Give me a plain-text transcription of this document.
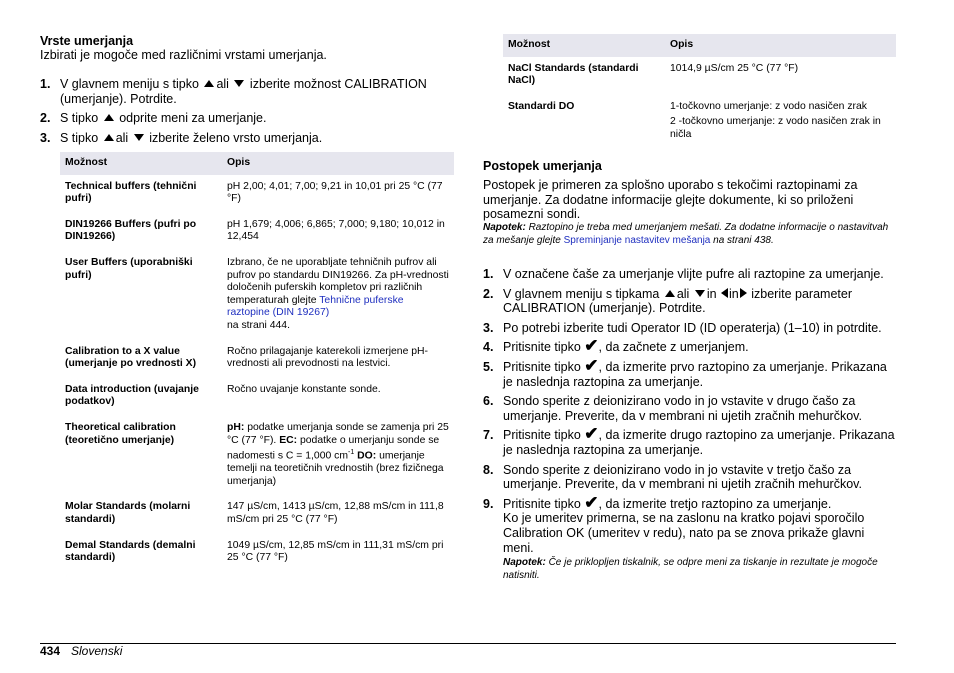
Vrste umerjanja

Izbirati je mogoče med različnimi vrstami umerjanja.

1. V glavnem meniju s tipko ali izberite možnost CALIBRATION (umerjanje). Potrdite.
2. S tipko odprite meni za umerjanje.
3. S tipko ali izberite želeno vrsto umerjanja.
Možnost	Opis
Technical buffers (tehnični pufri)	pH 2,00; 4,01; 7,00; 9,21 in 10,01 pri 25 °C (77 °F)
DIN19266 Buffers (pufri po DIN19266)	pH 1,679; 4,006; 6,865; 7,000; 9,180; 10,012 in 12,454
User Buffers (uporabniški pufri)	Izbrano, če ne uporabljate tehničnih pufrov ali pufrov po standardu DIN19266. Za pH-vrednosti določenih puferskih kompletov pri različnih temperaturah glejte Tehnične puferske raztopine (DIN 19267)
na strani 444.
Calibration to a X value (umerjanje po vrednosti X)	Ročno prilagajanje katerekoli izmerjene pH-vrednosti ali prevodnosti na lestvici.
Data introduction (uvajanje podatkov)	Ročno uvajanje konstante sonde.
Theoretical calibration (teoretično umerjanje)	pH: podatke umerjanja sonde se zamenja pri 25 °C (77 °F). EC: podatke o umerjanju sonde se nadomesti s C = 1,000 $cm^{-1}$ DO: umerjanje temelji na teoretičnih vrednostih (brez fizičnega umerjanja)
Molar Standards (molarni standardi)	147 µS/cm, 1413 µS/cm, 12,88 mS/cm in 111,8 mS/cm pri 25 °C (77 °F)
Demal Standards (demalni standardi)	1049 µS/cm, 12,85 mS/cm in 111,31 mS/cm pri 25 °C (77 °F)
Možnost	Opis
NaCl Standards (standardi NaCl)	1014,9 µS/cm 25 °C (77 °F)
Standardi DO	1-točkovno umerjanje: z vodo nasičen zrak
2 -točkovno umerjanje: z vodo nasičen zrak in ničla
Postopek umerjanja

Postopek je primeren za splošno uporabo s tekočimi raztopinami za umerjanje. Za dodatne informacije glejte dokumente, ki so priloženi posamezni sondi.

Napotek: Raztopino je treba med umerjanjem mešati. Za dodatne informacije o nastavitvah za mešanje glejte Spreminjanje nastavitev mešanja na strani 438.

1. V označene čaše za umerjanje vlijte pufre ali raztopine za umerjanje.
2. V glavnem meniju s tipkama ali in in izberite parameter CALIBRATION (umerjanje). Potrdite.
3. Po potrebi izberite tudi Operator ID (ID operaterja) (1–10) in potrdite.
4. Pritisnite tipko ✔, da začnete z umerjanjem.
5. Pritisnite tipko ✔, da izmerite prvo raztopino za umerjanje. Prikazana je naslednja raztopina za umerjanje.
6. Sondo sperite z deionizirano vodo in jo vstavite v drugo čašo za umerjanje. Preverite, da v membrani ni ujetih zračnih mehurčkov.
7. Pritisnite tipko ✔, da izmerite drugo raztopino za umerjanje. Prikazana je naslednja raztopina za umerjanje.
8. Sondo sperite z deionizirano vodo in jo vstavite v tretjo čašo za umerjanje. Preverite, da v membrani ni ujetih zračnih mehurčkov.
9. Pritisnite tipko ✔, da izmerite tretjo raztopino za umerjanje.
Ko je umeritev primerna, se na zaslonu na kratko pojavi sporočilo Calibration OK (umeritev v redu), nato pa se znova prikaže glavni meni.
Napotek: Če je priklopljen tiskalnik, se odpre meni za tiskanje in rezultate je mogoče natisniti.
434 Slovenski
